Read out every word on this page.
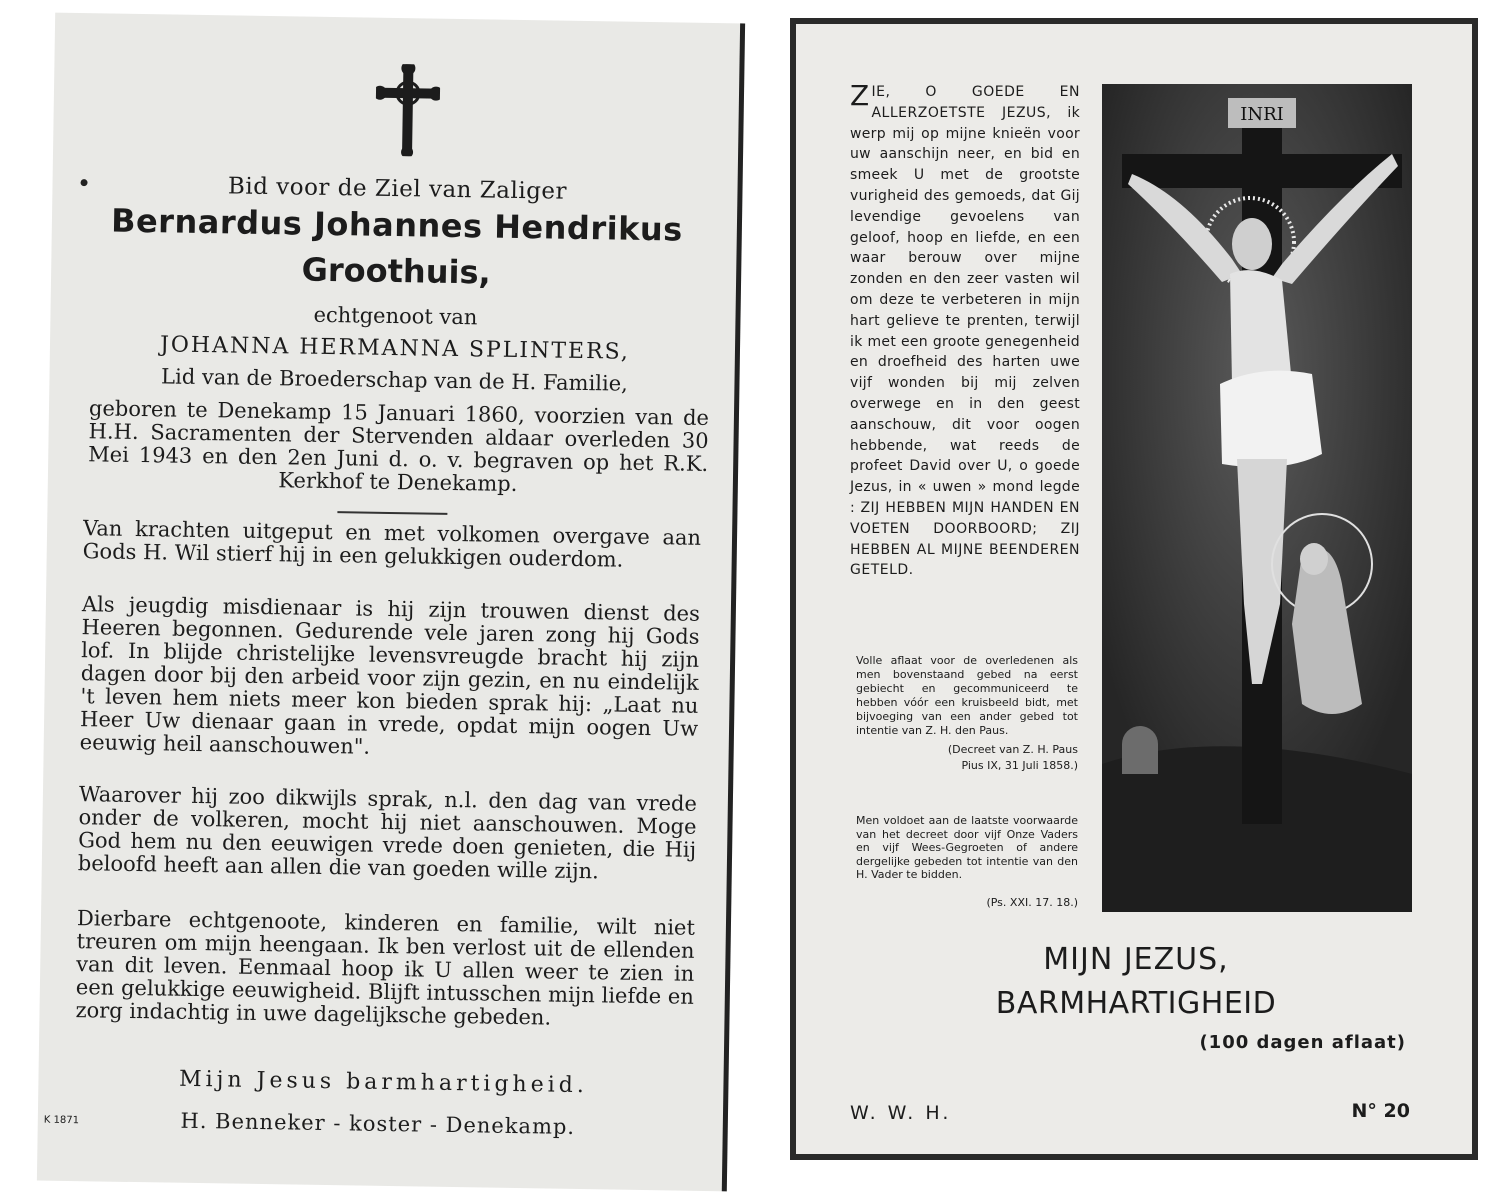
Bid voor de Ziel van Zaliger
Bernardus Johannes Hendrikus
Groothuis,
echtgenoot van
JOHANNA HERMANNA SPLINTERS,
Lid van de Broederschap van de H. Familie,
geboren te Denekamp 15 Januari 1860, voorzien van de H.H. Sacramenten der Stervenden aldaar overleden 30 Mei 1943 en den 2en Juni d. o. v. begraven op het R.K. Kerkhof te Denekamp.
Van krachten uitgeput en met volkomen overgave aan Gods H. Wil stierf hij in een gelukkigen ouderdom.
Als jeugdig misdienaar is hij zijn trouwen dienst des Heeren begonnen. Gedurende vele jaren zong hij Gods lof. In blijde christelijke levensvreugde bracht hij zijn dagen door bij den arbeid voor zijn gezin, en nu eindelijk 't leven hem niets meer kon bieden sprak hij: „Laat nu Heer Uw dienaar gaan in vrede, opdat mijn oogen Uw eeuwig heil aanschouwen".
Waarover hij zoo dikwijls sprak, n.l. den dag van vrede onder de volkeren, mocht hij niet aanschouwen. Moge God hem nu den eeuwigen vrede doen genieten, die Hij beloofd heeft aan allen die van goeden wille zijn.
Dierbare echtgenoote, kinderen en familie, wilt niet treuren om mijn heengaan. Ik ben verlost uit de ellenden van dit leven. Eenmaal hoop ik U allen weer te zien in een gelukkige eeuwigheid. Blijft intusschen mijn liefde en zorg indachtig in uwe dagelijksche gebeden.
Mijn Jesus barmhartigheid.
K 1871	H. Benneker - koster - Denekamp.
ZIE, O GOEDE EN ALLERZOETSTE JEZUS, ik werp mij op mijne knieën voor uw aanschijn neer, en bid en smeek U met de grootste vurigheid des gemoeds, dat Gij levendige gevoelens van geloof, hoop en liefde, en een waar berouw over mijne zonden en den zeer vasten wil om deze te verbeteren in mijn hart gelieve te prenten, terwijl ik met een groote genegenheid en droefheid des harten uwe vijf wonden bij mij zelven overwege en in den geest aanschouw, dit voor oogen hebbende, wat reeds de profeet David over U, o goede Jezus, in « uwen » mond legde : ZIJ HEBBEN MIJN HANDEN EN VOETEN DOORBOORD; ZIJ HEBBEN AL MIJNE BEENDEREN GETELD.
Volle aflaat voor de overledenen als men bovenstaand gebed na eerst gebiecht en gecommuniceerd te hebben vóór een kruisbeeld bidt, met bijvoeging van een ander gebed tot intentie van Z. H. den Paus.
(Decreet van Z. H. Paus
Pius IX, 31 Juli 1858.)
Men voldoet aan de laatste voorwaarde van het decreet door vijf Onze Vaders en vijf Wees-Gegroeten of andere dergelijke gebeden tot intentie van den H. Vader te bidden.
(Ps. XXI. 17. 18.)
INRI
MIJN JEZUS,
BARMHARTIGHEID
(100 dagen aflaat)
W. W. H.	N° 20
